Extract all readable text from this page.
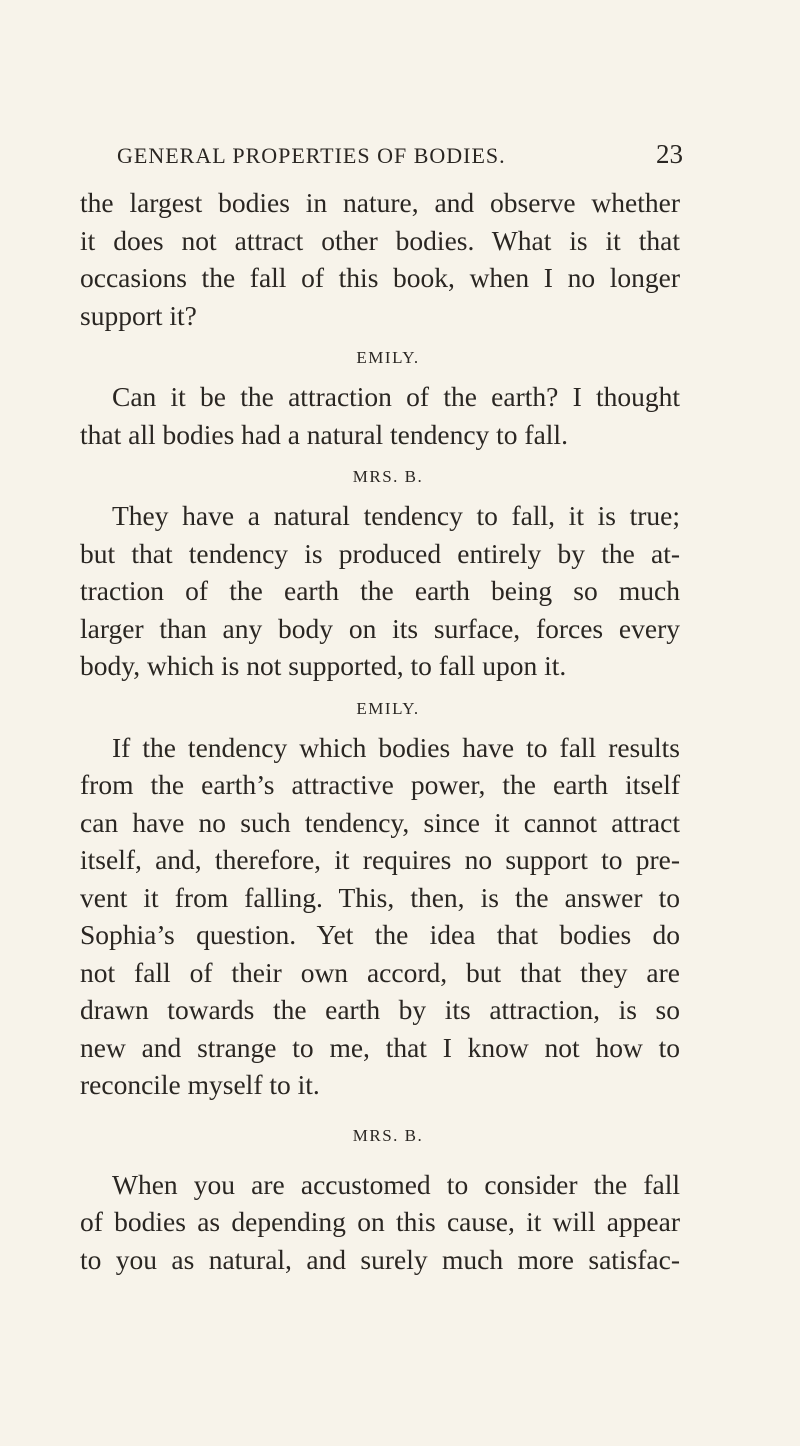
GENERAL PROPERTIES OF BODIES.	23
the largest bodies in nature, and observe whether
it does not attract other bodies. What is it that
occasions the fall of this book, when I no longer
support it?
EMILY.
Can it be the attraction of the earth? I thought
that all bodies had a natural tendency to fall.
MRS. B.
They have a natural tendency to fall, it is true;
but that tendency is produced entirely by the at-
traction of the earth the earth being so much
larger than any body on its surface, forces every
body, which is not supported, to fall upon it.
EMILY.
If the tendency which bodies have to fall results
from the earth’s attractive power, the earth itself
can have no such tendency, since it cannot attract
itself, and, therefore, it requires no support to pre-
vent it from falling. This, then, is the answer to
Sophia’s question. Yet the idea that bodies do
not fall of their own accord, but that they are
drawn towards the earth by its attraction, is so
new and strange to me, that I know not how to
reconcile myself to it.
MRS. B.
When you are accustomed to consider the fall
of bodies as depending on this cause, it will appear
to you as natural, and surely much more satisfac-
